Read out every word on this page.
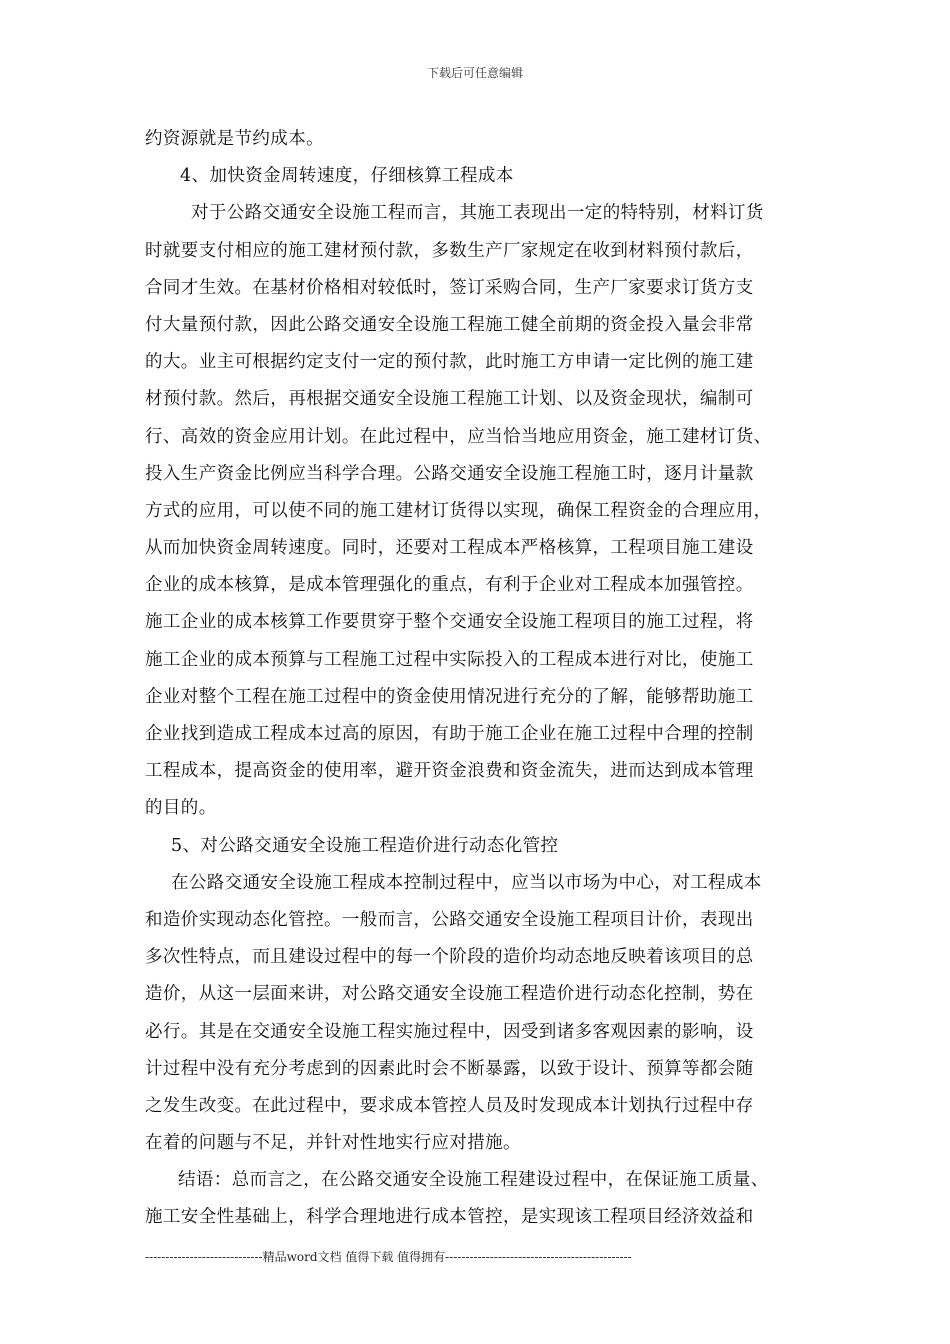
下载后可任意编辑
约资源就是节约成本。
4、加快资金周转速度，仔细核算工程成本
对于公路交通安全设施工程而言，其施工表现出一定的特特别，材料订货
时就要支付相应的施工建材预付款，多数生产厂家规定在收到材料预付款后，
合同才生效。在基材价格相对较低时，签订采购合同，生产厂家要求订货方支
付大量预付款，因此公路交通安全设施工程施工健全前期的资金投入量会非常
的大。业主可根据约定支付一定的预付款，此时施工方申请一定比例的施工建
材预付款。然后，再根据交通安全设施工程施工计划、以及资金现状，编制可
行、高效的资金应用计划。在此过程中，应当恰当地应用资金，施工建材订货、
投入生产资金比例应当科学合理。公路交通安全设施工程施工时，逐月计量款
方式的应用，可以使不同的施工建材订货得以实现，确保工程资金的合理应用，
从而加快资金周转速度。同时，还要对工程成本严格核算，工程项目施工建设
企业的成本核算，是成本管理强化的重点，有利于企业对工程成本加强管控。
施工企业的成本核算工作要贯穿于整个交通安全设施工程项目的施工过程，将
施工企业的成本预算与工程施工过程中实际投入的工程成本进行对比，使施工
企业对整个工程在施工过程中的资金使用情况进行充分的了解，能够帮助施工
企业找到造成工程成本过高的原因，有助于施工企业在施工过程中合理的控制
工程成本，提高资金的使用率，避开资金浪费和资金流失，进而达到成本管理
的目的。
5、对公路交通安全设施工程造价进行动态化管控
在公路交通安全设施工程成本控制过程中，应当以市场为中心，对工程成本
和造价实现动态化管控。一般而言，公路交通安全设施工程项目计价，表现出
多次性特点，而且建设过程中的每一个阶段的造价均动态地反映着该项目的总
造价，从这一层面来讲，对公路交通安全设施工程造价进行动态化控制，势在
必行。其是在交通安全设施工程实施过程中，因受到诸多客观因素的影响，设
计过程中没有充分考虑到的因素此时会不断暴露，以致于设计、预算等都会随
之发生改变。在此过程中，要求成本管控人员及时发现成本计划执行过程中存
在着的问题与不足，并针对性地实行应对措施。
结语：总而言之，在公路交通安全设施工程建设过程中，在保证施工质量、
施工安全性基础上，科学合理地进行成本管控，是实现该工程项目经济效益和
-----------------------------精品word文档 值得下载 值得拥有----------------------------------------------
